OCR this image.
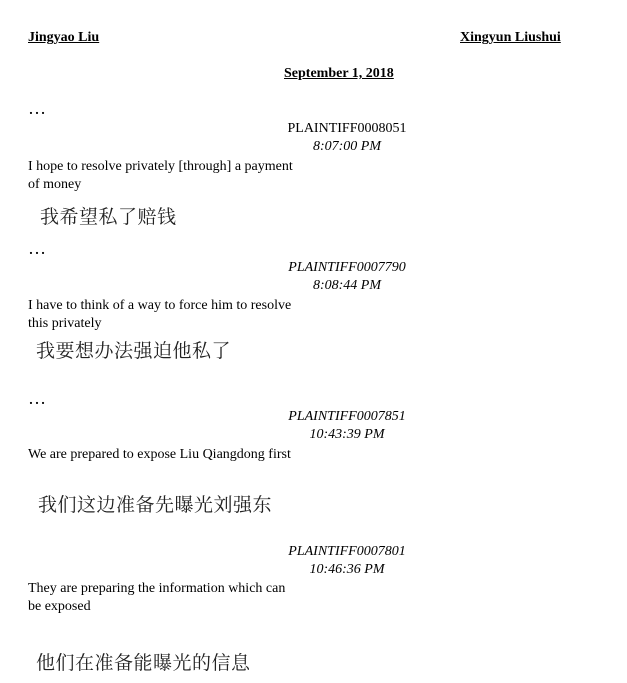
Jingyao Liu	Xingyun Liushui
September 1, 2018
…
PLAINTIFF0008051
8:07:00 PM
I hope to resolve privately [through] a payment of money
我希望私了赔钱
…
PLAINTIFF0007790
8:08:44 PM
I have to think of a way to force him to resolve this privately
我要想办法强迫他私了
…
PLAINTIFF0007851
10:43:39 PM
We are prepared to expose Liu Qiangdong first
我们这边准备先曝光刘强东
PLAINTIFF0007801
10:46:36 PM
They are preparing the information which can be exposed
他们在准备能曝光的信息
